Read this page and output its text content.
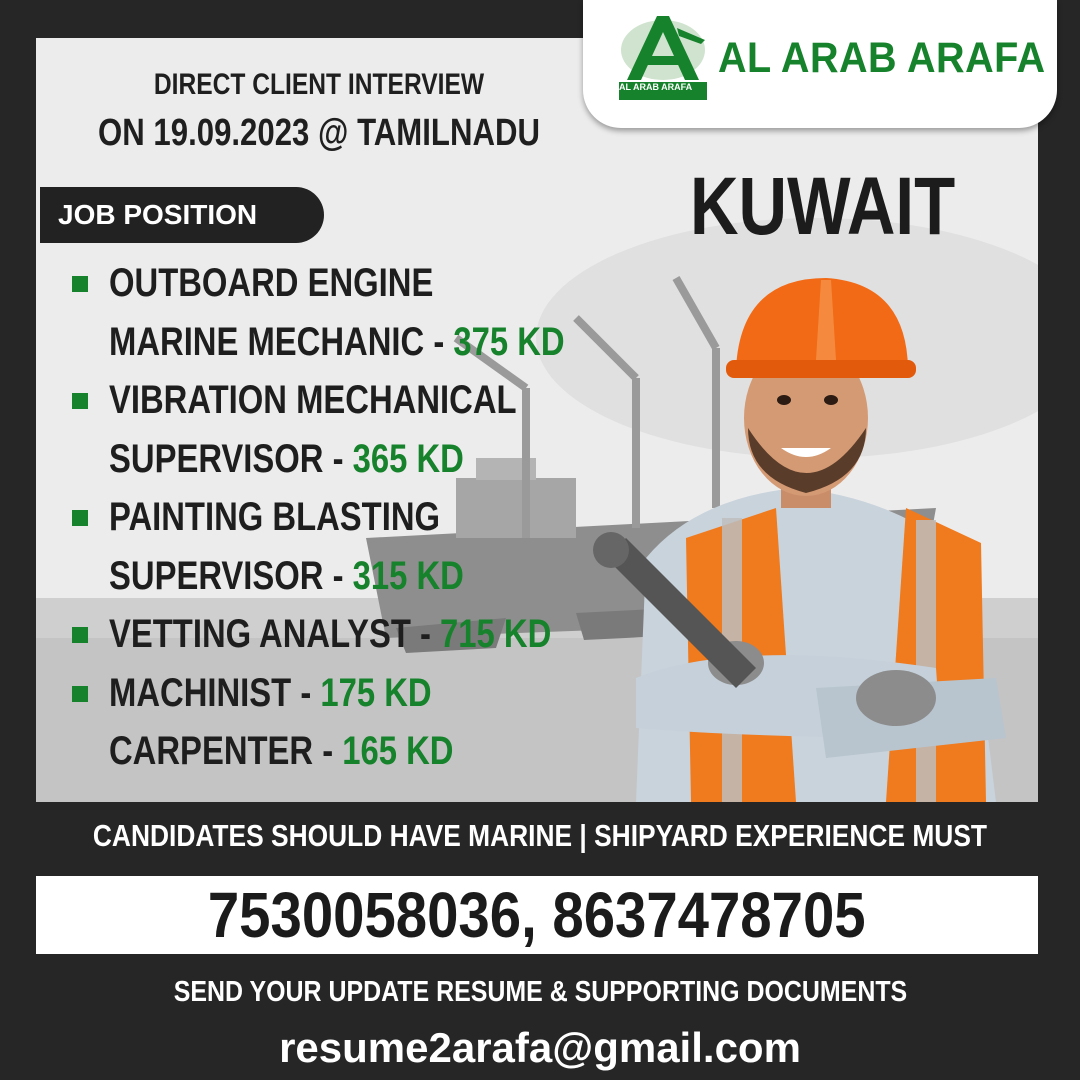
AL ARAB ARAFA
AL ARAB ARAFA
DIRECT CLIENT INTERVIEW
ON 19.09.2023 @ TAMILNADU
JOB POSITION	KUWAIT
OUTBOARD ENGINE
MARINE MECHANIC - 375 KD
VIBRATION MECHANICAL
SUPERVISOR - 365 KD
PAINTING BLASTING
SUPERVISOR - 315 KD
VETTING ANALYST - 715 KD
MACHINIST - 175 KD
CARPENTER - 165 KD
CANDIDATES SHOULD HAVE MARINE | SHIPYARD EXPERIENCE MUST
7530058036, 8637478705
SEND YOUR UPDATE RESUME & SUPPORTING DOCUMENTS
resume2arafa@gmail.com
